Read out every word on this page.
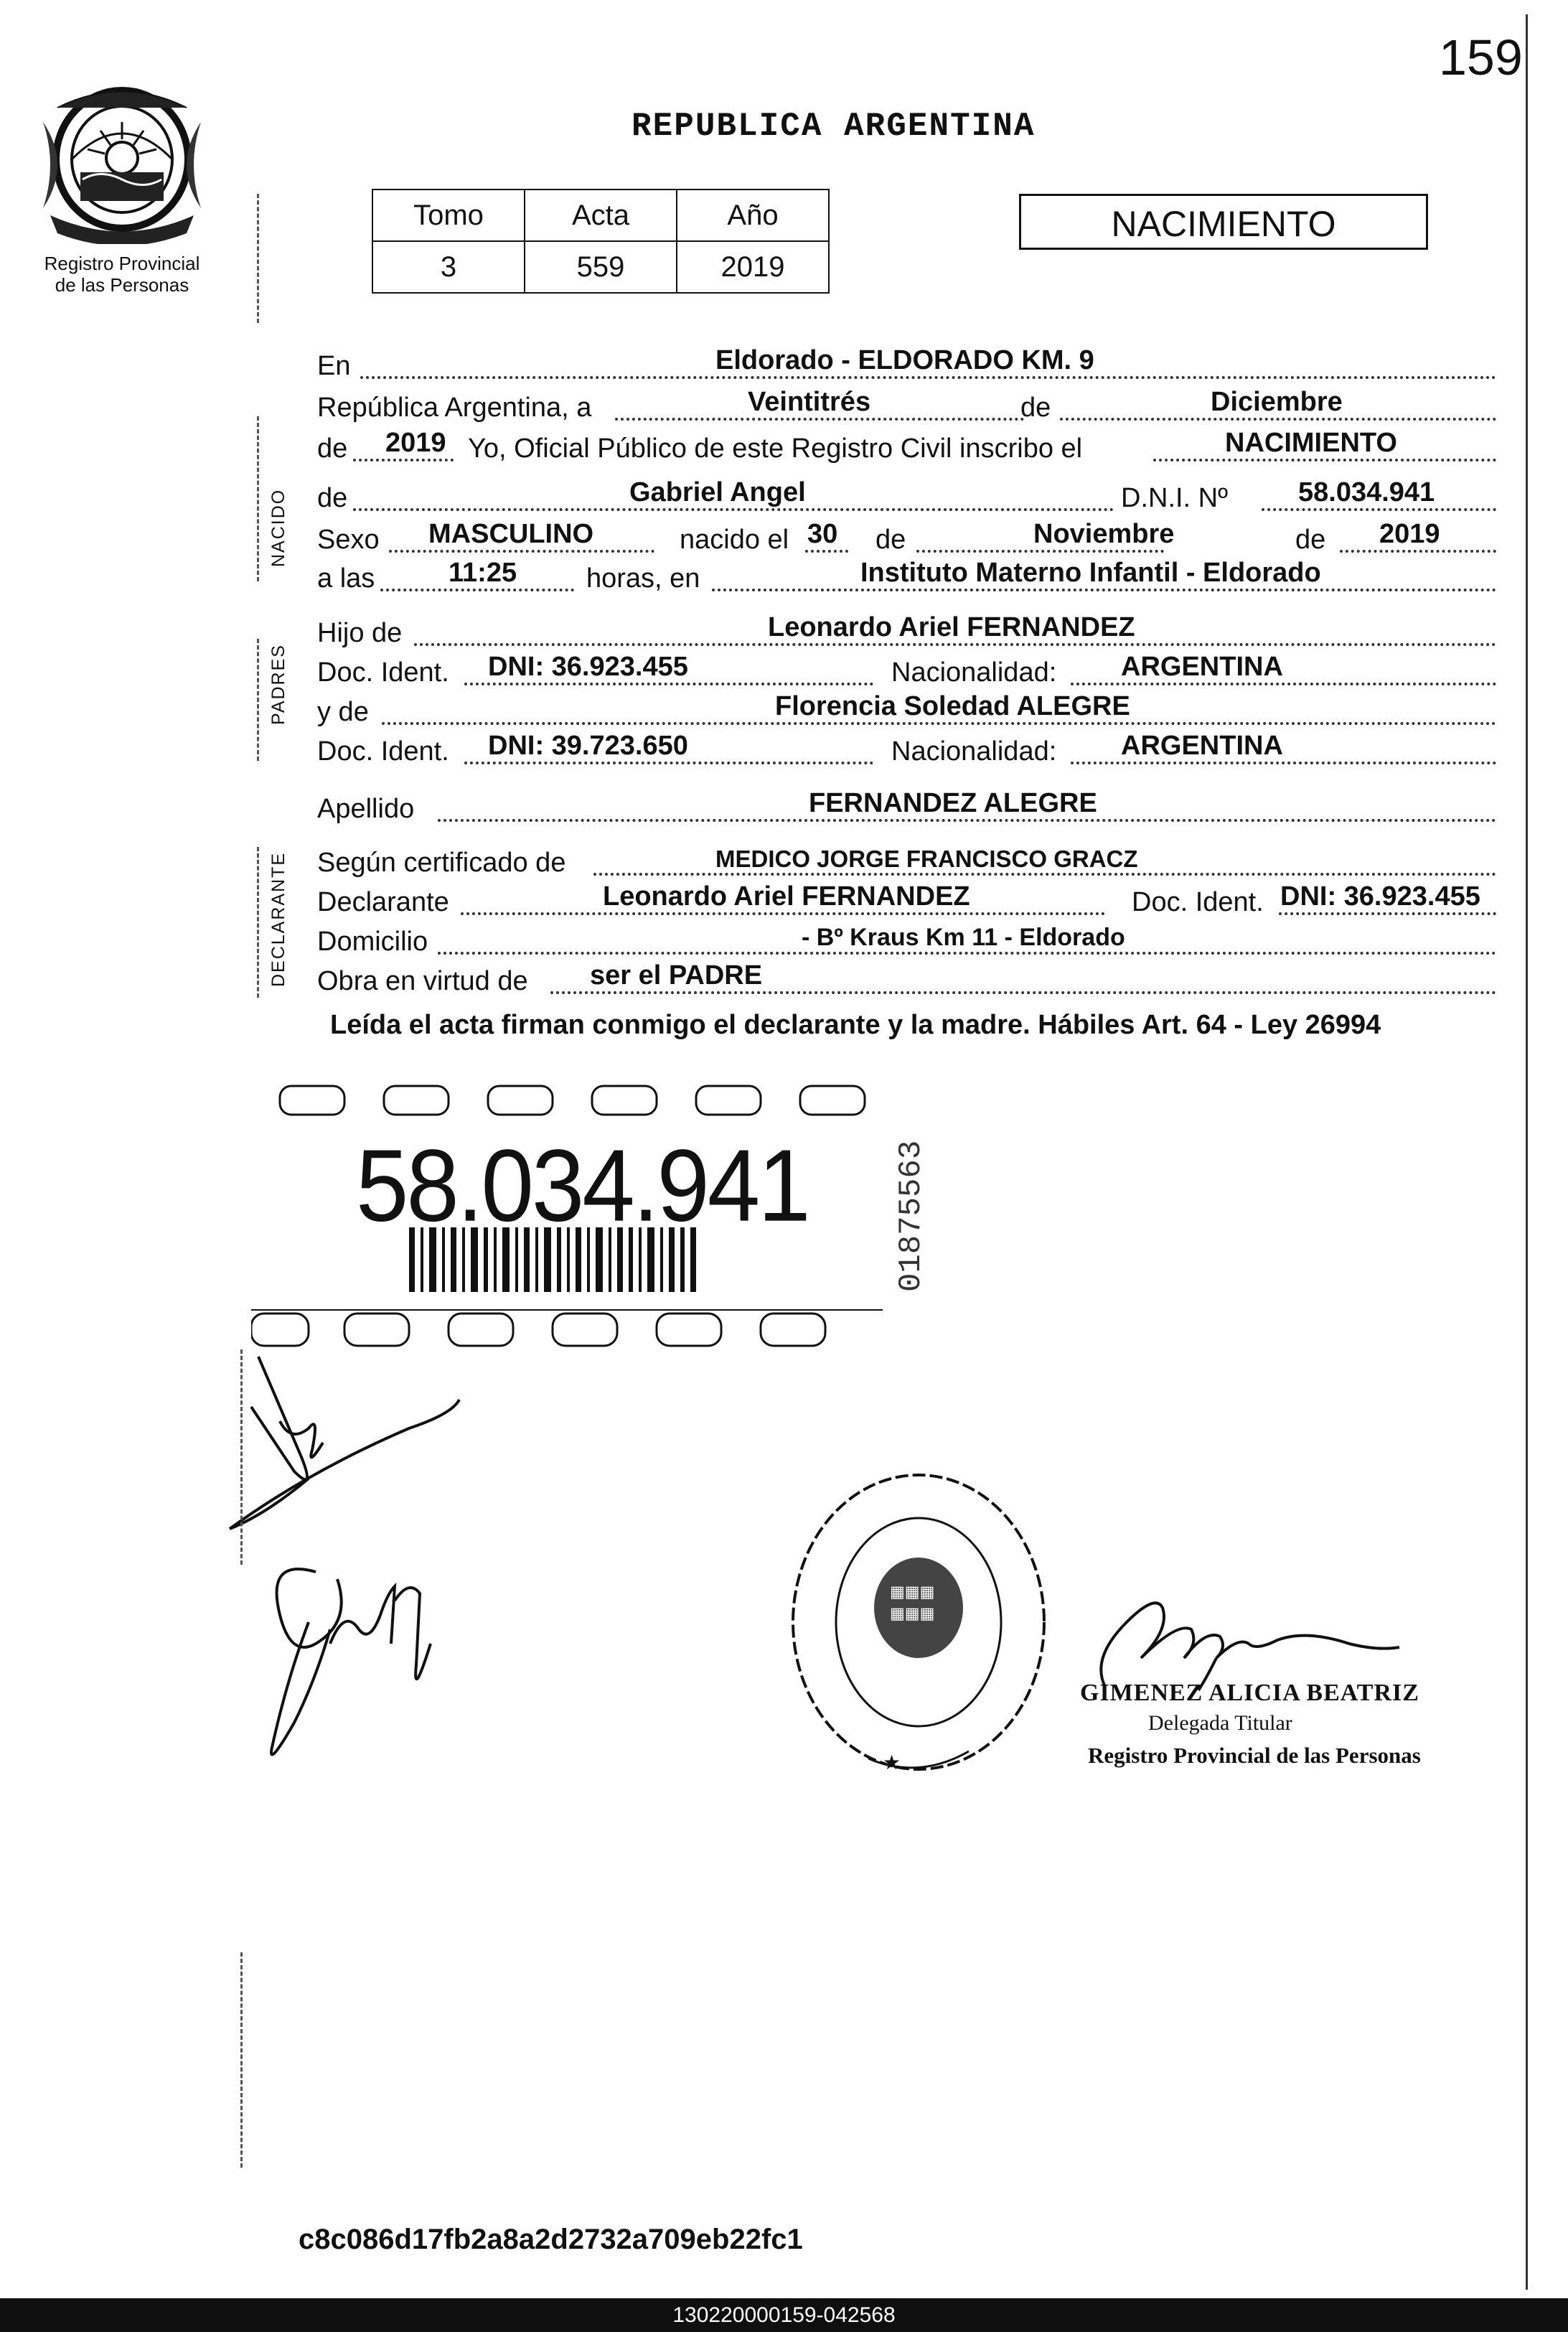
159
Registro Provincial
de las Personas
REPUBLICA ARGENTINA
Tomo	Acta	Año
3	559	2019
NACIMIENTO
NACIDO
PADRES
DECLARANTE
En	Eldorado - ELDORADO KM. 9
República Argentina, a	Veintitrés	de	Diciembre
de 2019 Yo, Oficial Público de este Registro Civil inscribo el	NACIMIENTO
de	Gabriel Angel	D.N.I. Nº	58.034.941
Sexo MASCULINO	nacido el 30 de	Noviembre	de 2019
a las	11:25	horas, en	Instituto Materno Infantil - Eldorado
Hijo de	Leonardo Ariel FERNANDEZ
Doc. Ident. DNI: 36.923.455	Nacionalidad: ARGENTINA
y de	Florencia Soledad ALEGRE
Doc. Ident. DNI: 39.723.650	Nacionalidad: ARGENTINA
Apellido	FERNANDEZ ALEGRE
Según certificado de	MEDICO JORGE FRANCISCO GRACZ
Declarante	Leonardo Ariel FERNANDEZ	Doc. Ident. DNI: 36.923.455
Domicilio	- Bº Kraus Km 11 - Eldorado
Obra en virtud de ser el PADRE
Leída el acta firman conmigo el declarante y la madre. Hábiles Art. 64 - Ley 26994
58.034.941	01875563
▦▦▦
▦▦▦
★
GIMENEZ ALICIA BEATRIZ
Delegada Titular
Registro Provincial de las Personas
c8c086d17fb2a8a2d2732a709eb22fc1
130220000159-042568
